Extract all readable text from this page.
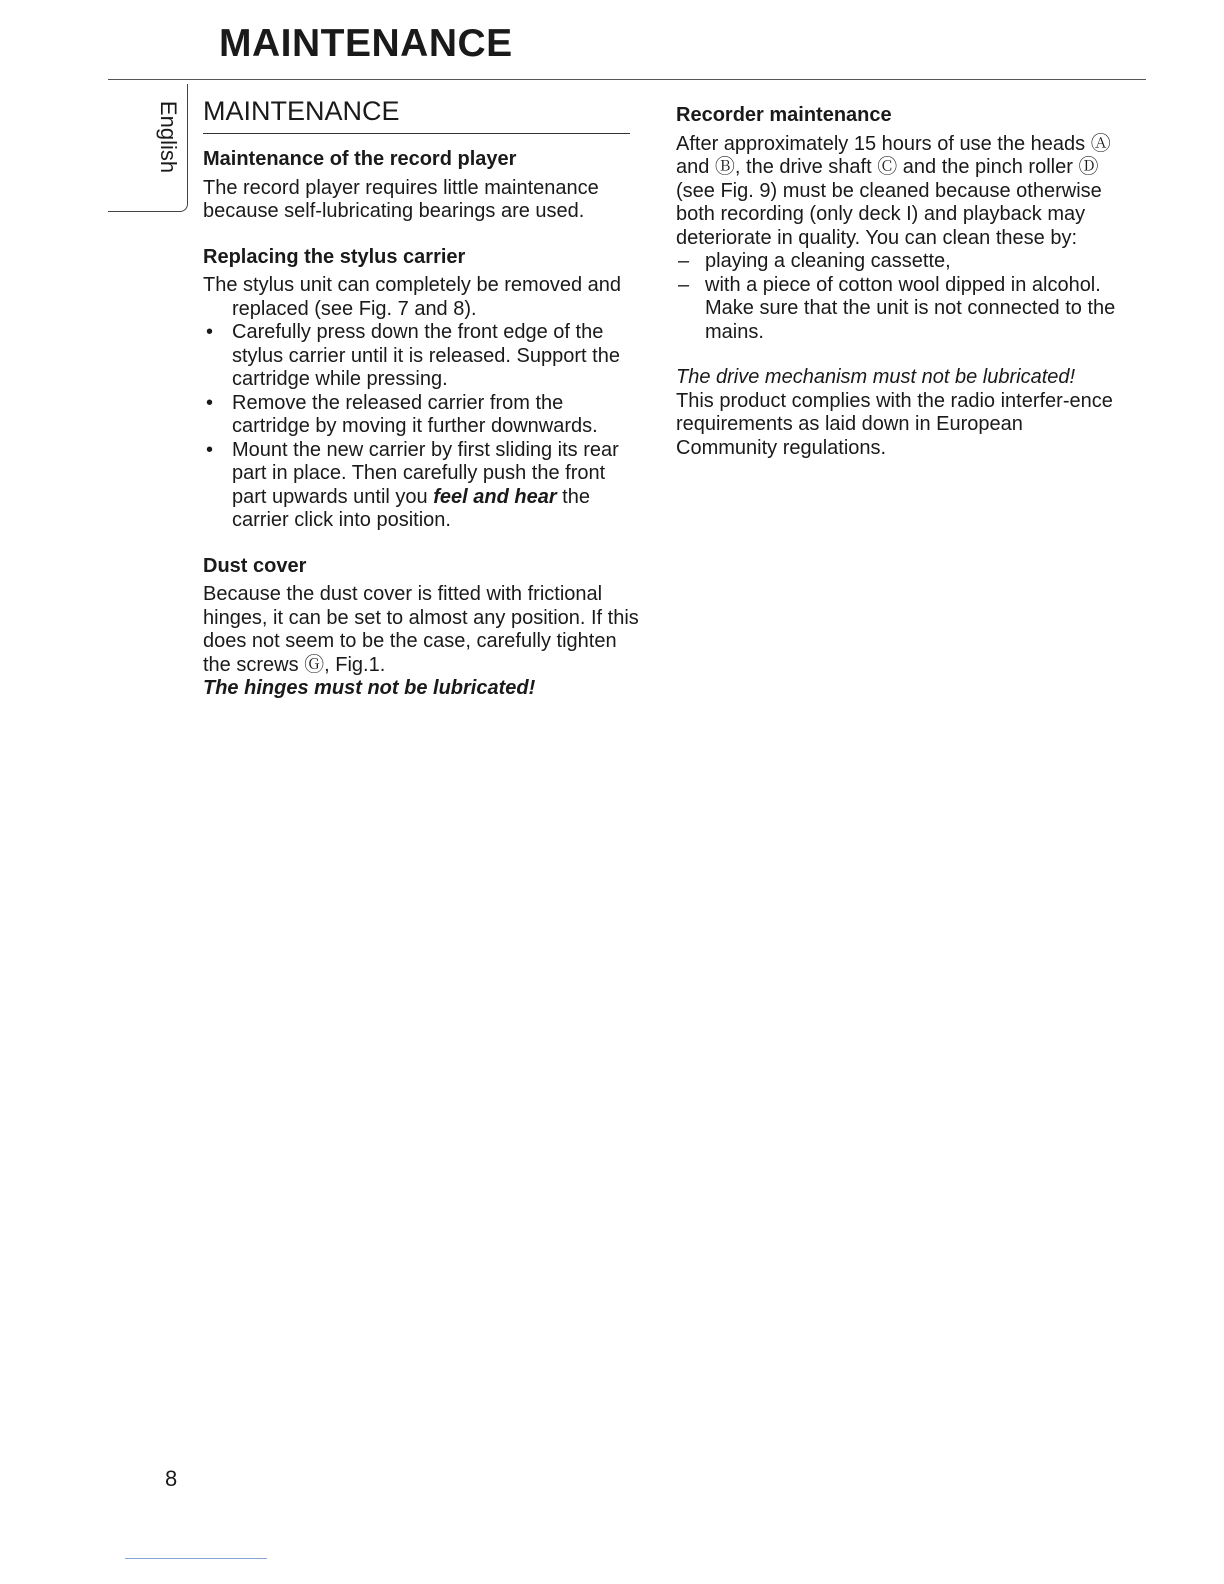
MAINTENANCE
English MAINTENANCE
Maintenance of the record player

The record player requires little maintenance because self-lubricating bearings are used.

Replacing the stylus carrier

The stylus unit can completely be removed and replaced (see Fig. 7 and 8).

• Carefully press down the front edge of the stylus carrier until it is released. Support the cartridge while pressing.
• Remove the released carrier from the cartridge by moving it further downwards.
• Mount the new carrier by first sliding its rear part in place. Then carefully push the front part upwards until you feel and hear the carrier click into position.
Dust cover

Because the dust cover is fitted with frictional hinges, it can be set to almost any position. If this does not seem to be the case, carefully tighten the screws Ⓖ, Fig.1.

The hinges must not be lubricated!

Recorder maintenance

After approximately 15 hours of use the heads Ⓐ and Ⓑ, the drive shaft Ⓒ and the pinch roller Ⓓ (see Fig. 9) must be cleaned because otherwise both recording (only deck I) and playback may deteriorate in quality. You can clean these by:

– playing a cleaning cassette,
– with a piece of cotton wool dipped in alcohol. Make sure that the unit is not connected to the mains.

The drive mechanism must not be lubricated!

This product complies with the radio interfer-ence requirements as laid down in European Community regulations.

8
